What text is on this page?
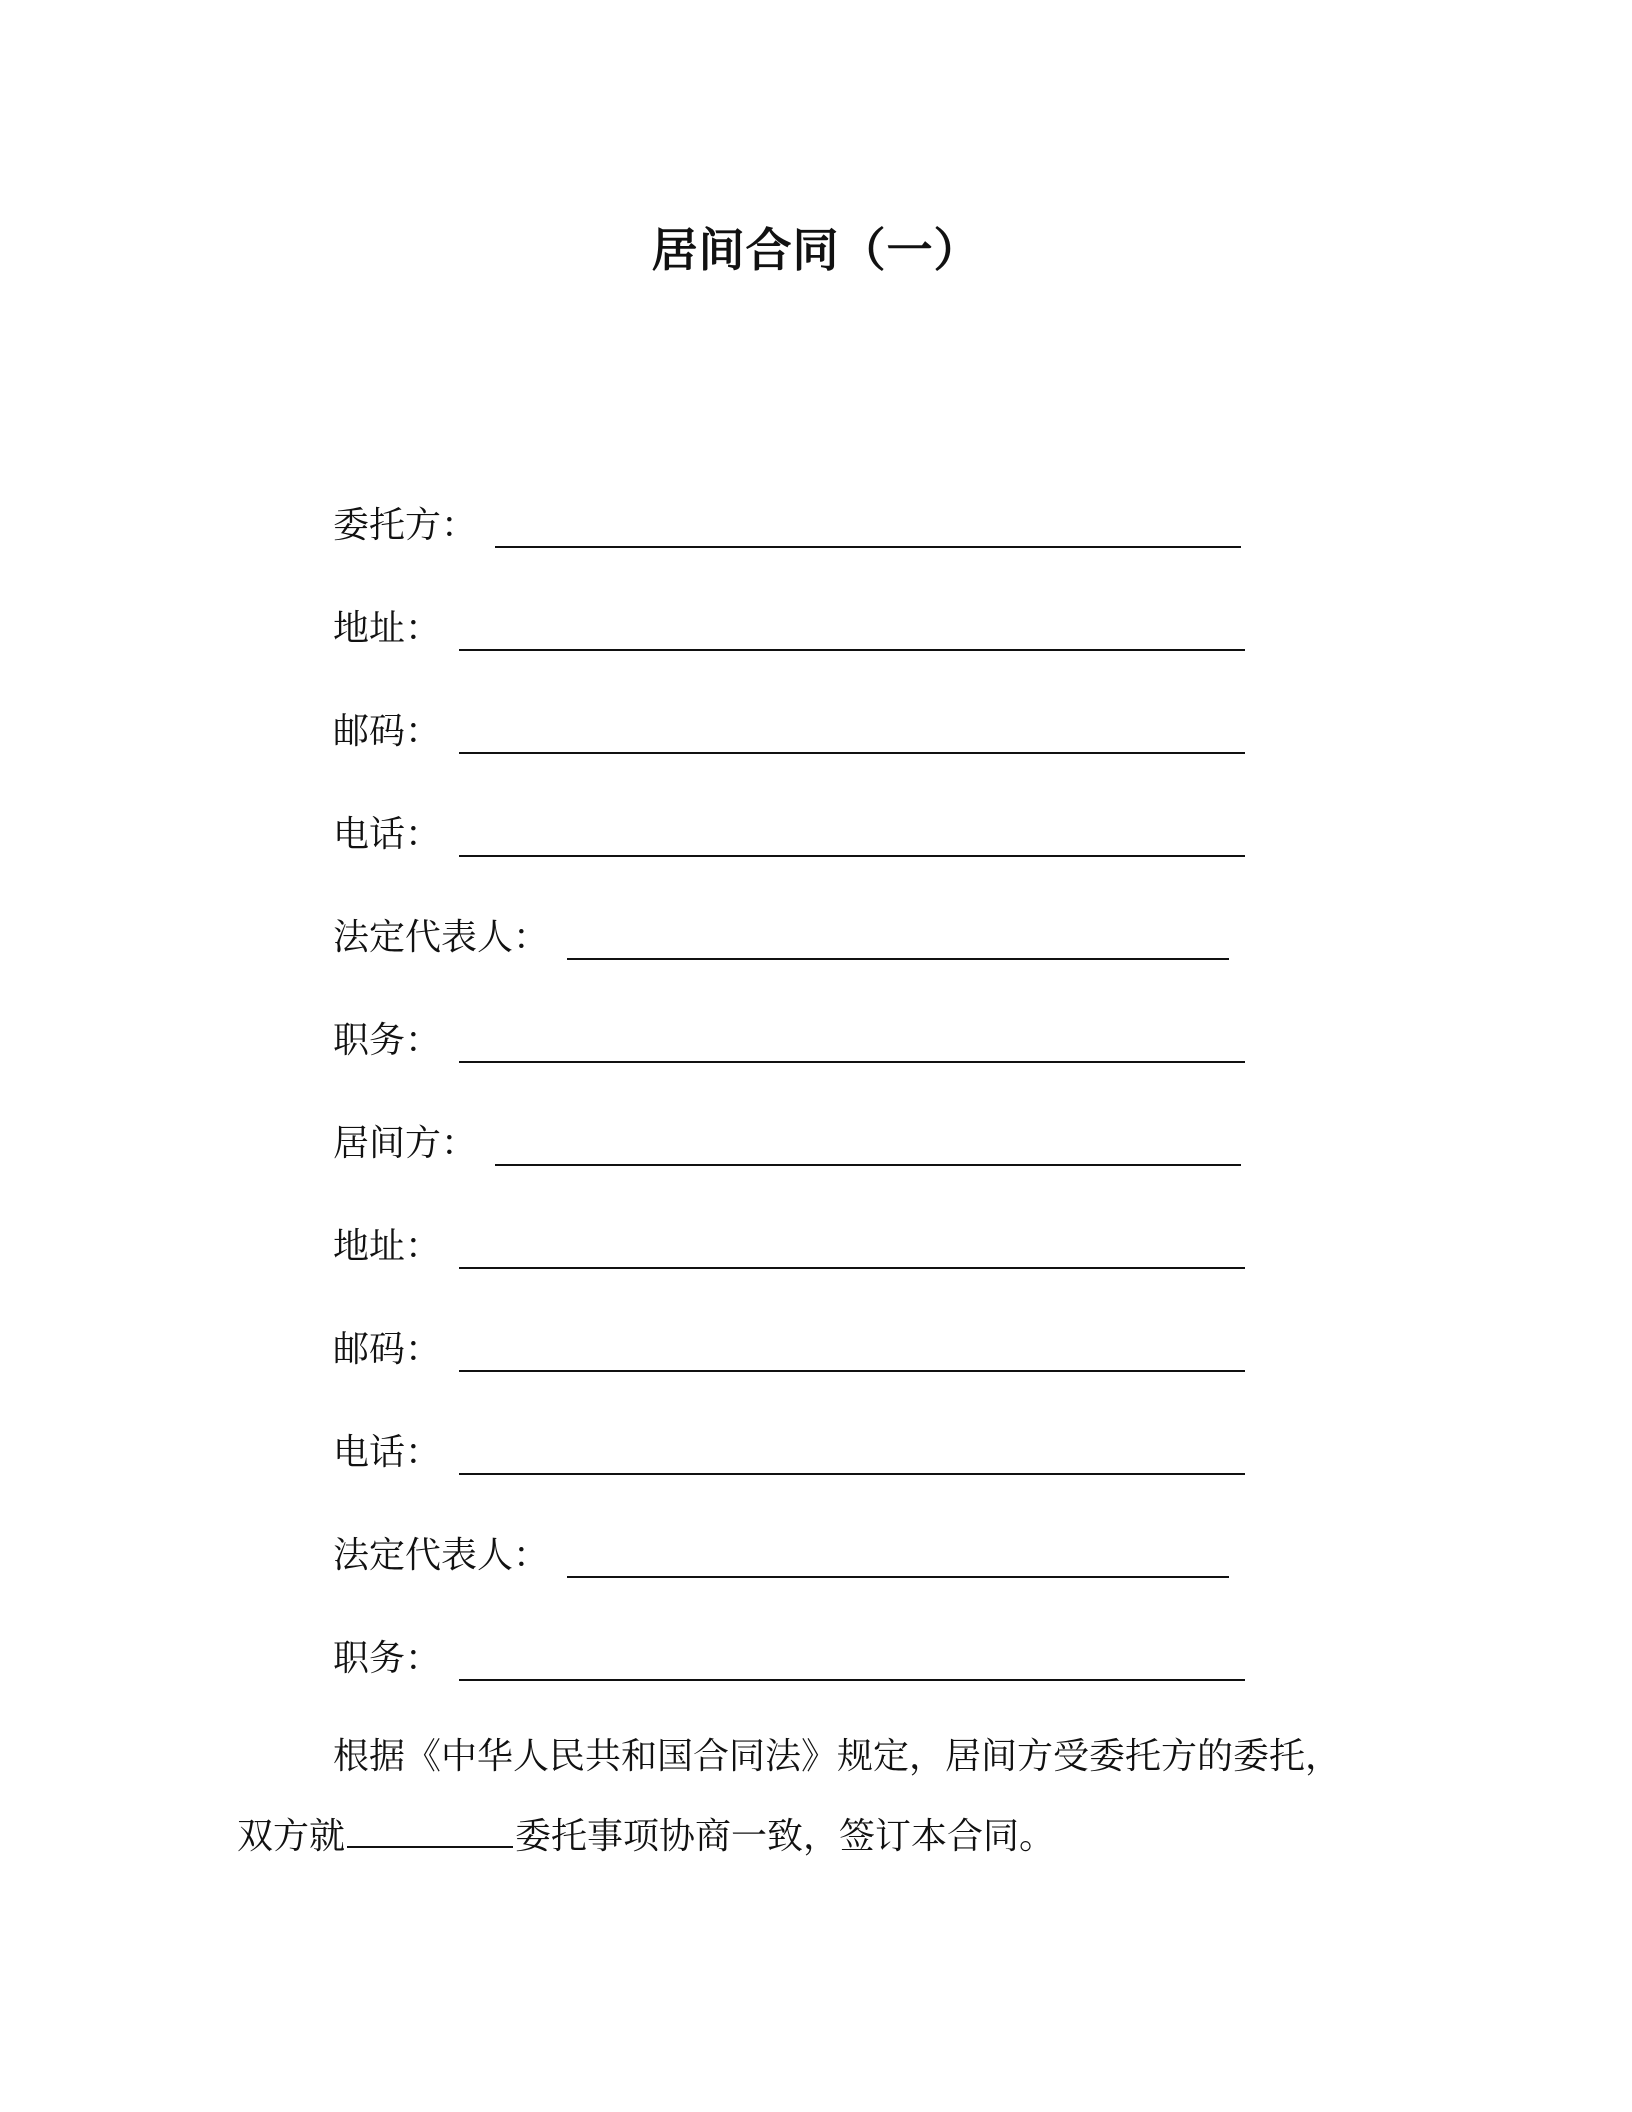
居间合同（一）
委托方：
地址：
邮码：
电话：
法定代表人：
职务：
居间方：
地址：
邮码：
电话：
法定代表人：
职务：
根据《中华人民共和国合同法》规定，居间方受委托方的委托，
双方就	委托事项协商一致，签订本合同。
